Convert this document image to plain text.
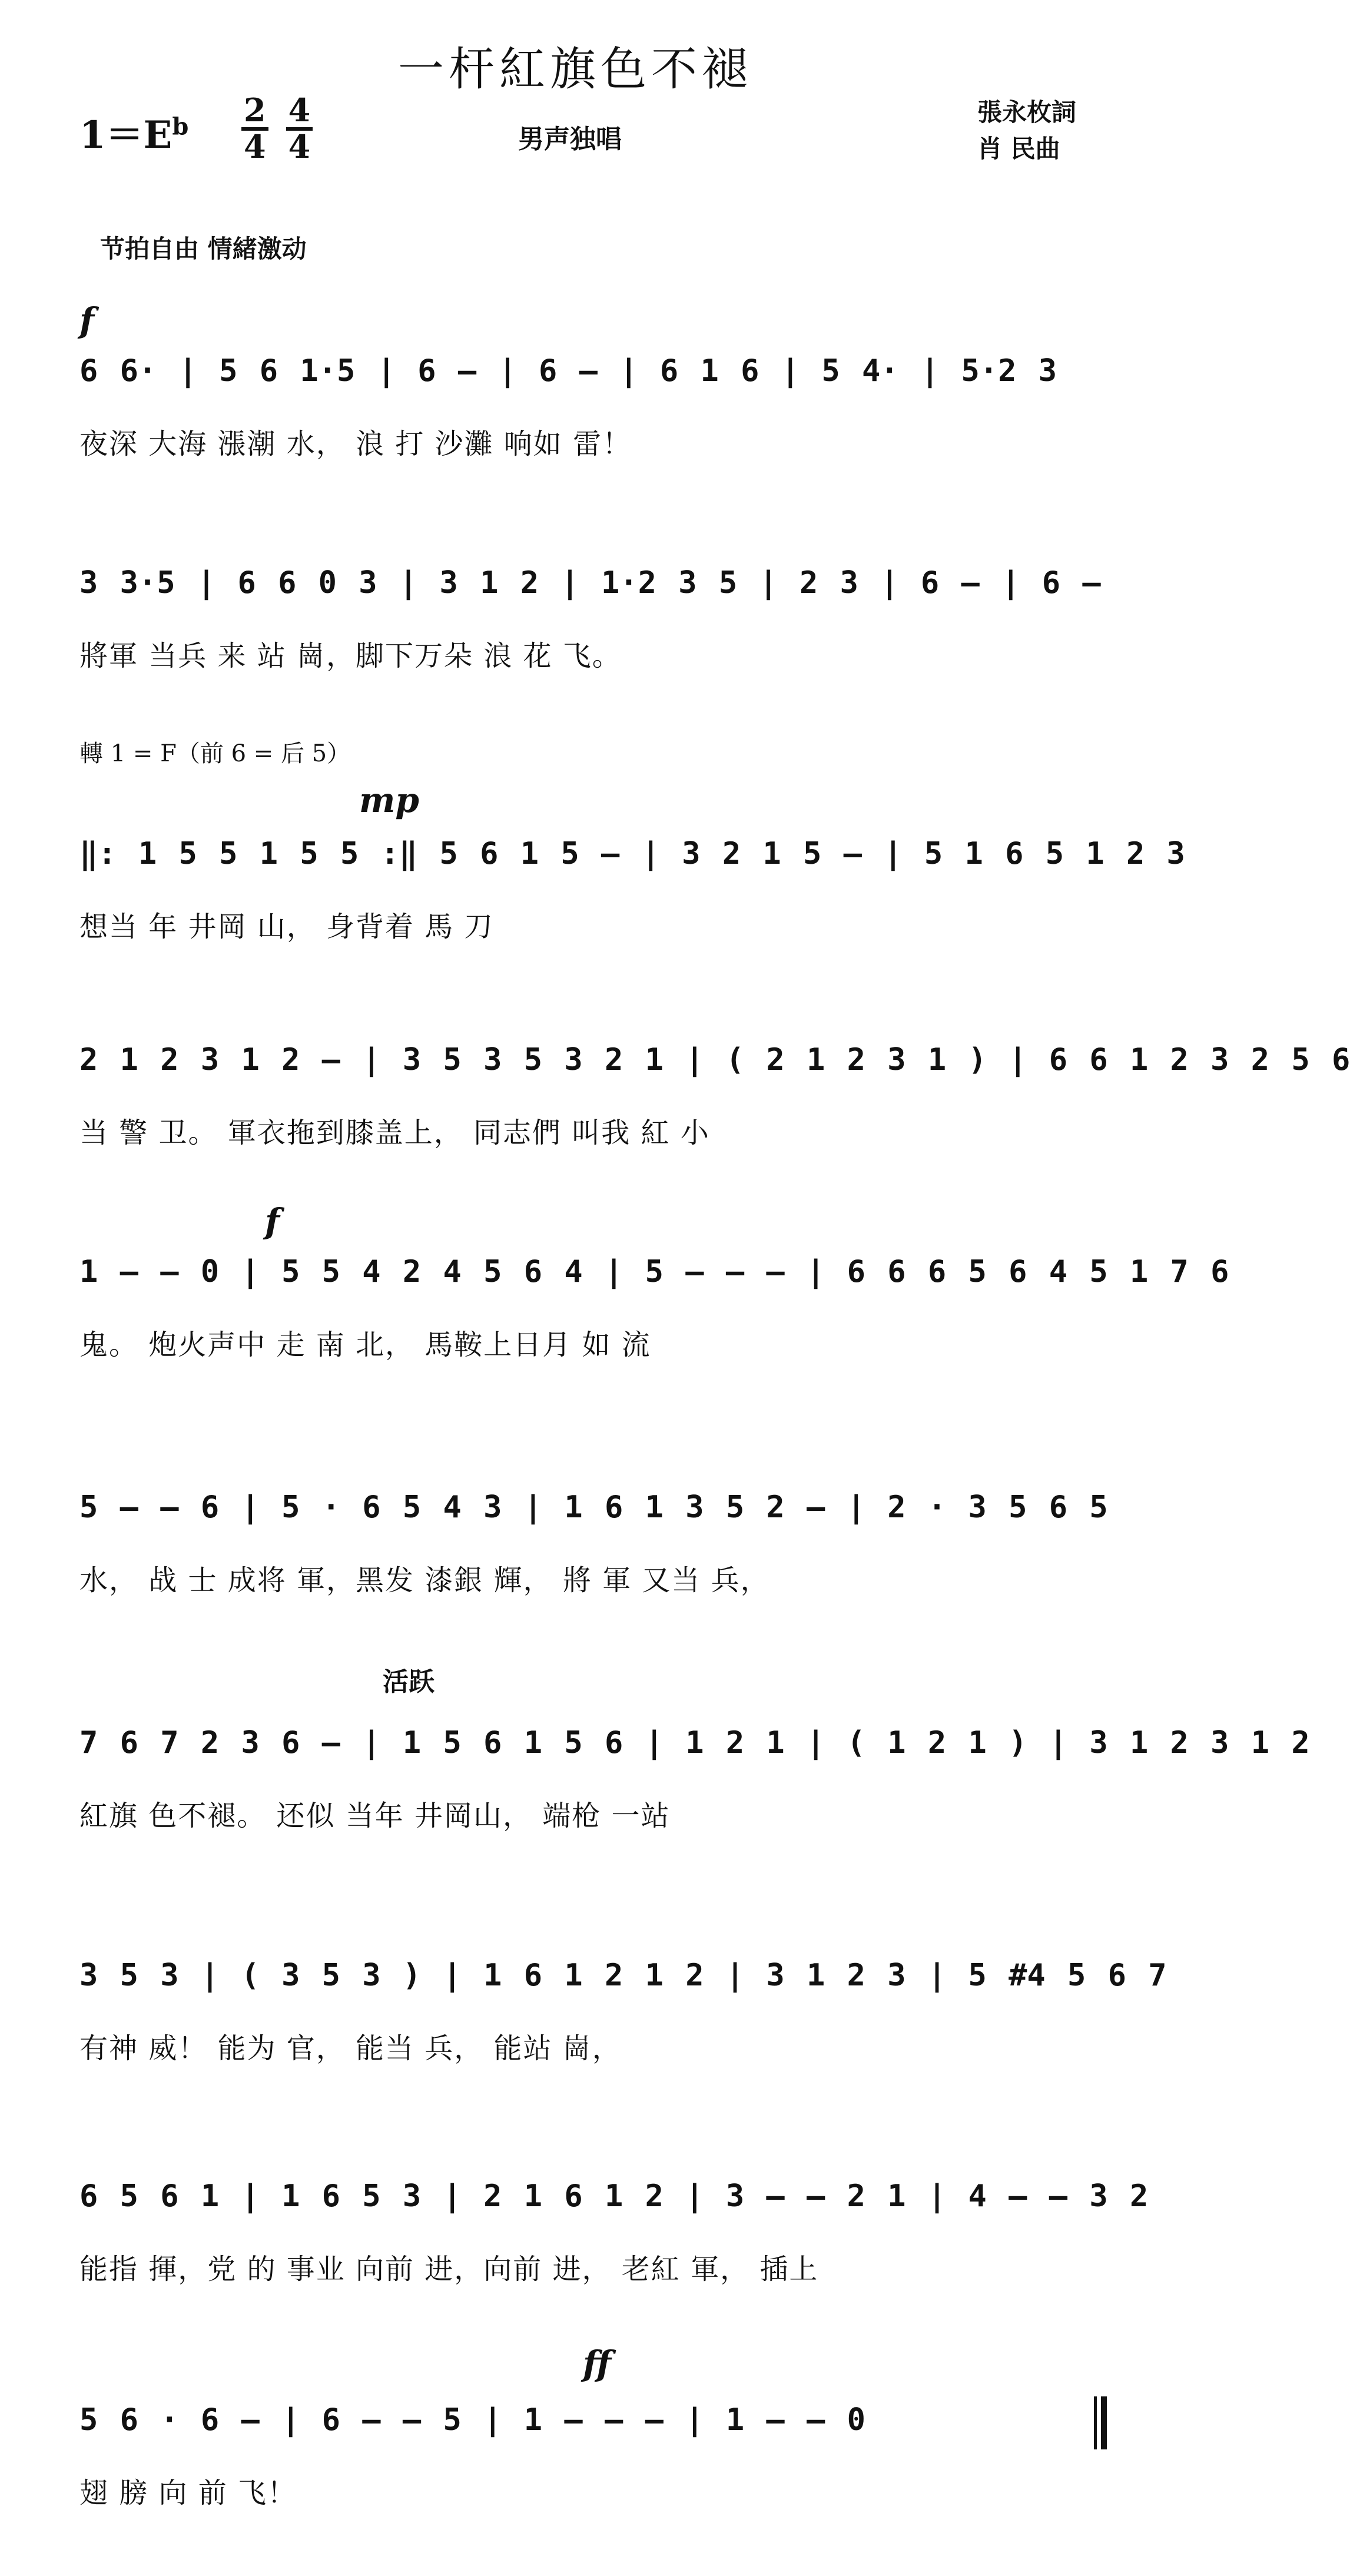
一杆紅旗色不褪
$1=E^b \frac{2}{4} \frac{4}{4}$	男声独唱
張永枚詞
肖 民曲
节拍自由 情緒激动
轉 1 = F（前 6 = 后 5）
f
mp
f
活跃
ff
6 6· | 5 6 1·5 | 6 — | 6 — | 6 1 6 | 5 4· | 5·2 3
夜深 大海 漲潮 水， 浪 打 沙灘 响如 雷！
3 3·5 | 6 6 0 3 | 3 1 2 | 1·2 3 5 | 2 3 | 6 — | 6 —
將軍 当兵 来 站 崗，脚下万朵 浪 花 飞。
‖: 1 5 5 1 5 5 :‖ 5 6 1 5 — | 3 2 1 5 — | 5 1 6 5 1 2 3
想当 年 井岡 山， 身背着 馬 刀
2 1 2 3 1 2 — | 3 5 3 5 3 2 1 | ( 2 1 2 3 1 ) | 6 6 1 2 3 2 5 6
当 警 卫。 軍衣拖到膝盖上， 同志們 叫我 紅 小
1 — — 0 | 5 5 4 2 4 5 6 4 | 5 — — — | 6 6 6 5 6 4 5 1 7 6
鬼。 炮火声中 走 南 北， 馬鞍上日月 如 流
5 — — 6 | 5 · 6 5 4 3 | 1 6 1 3 5 2 — | 2 · 3 5 6 5
水， 战 士 成将 軍，黑发 漆銀 輝， 將 軍 又当 兵，
7 6 7 2 3 6 — | 1 5 6 1 5 6 | 1 2 1 | ( 1 2 1 ) | 3 1 2 3 1 2
紅旗 色不褪。 还似 当年 井岡山， 端枪 一站
3 5 3 | ( 3 5 3 ) | 1 6 1 2 1 2 | 3 1 2 3 | 5 #4 5 6 7
有神 威！ 能为 官， 能当 兵， 能站 崗，
6 5 6 1 | 1 6 5 3 | 2 1 6 1 2 | 3 — — 2 1 | 4 — — 3 2
能指 揮，党 的 事业 向前 进，向前 进， 老紅 軍， 插上
5 6 · 6 — | 6 — — 5 | 1 — — — | 1 — — 0
翅 膀 向 前 飞！
